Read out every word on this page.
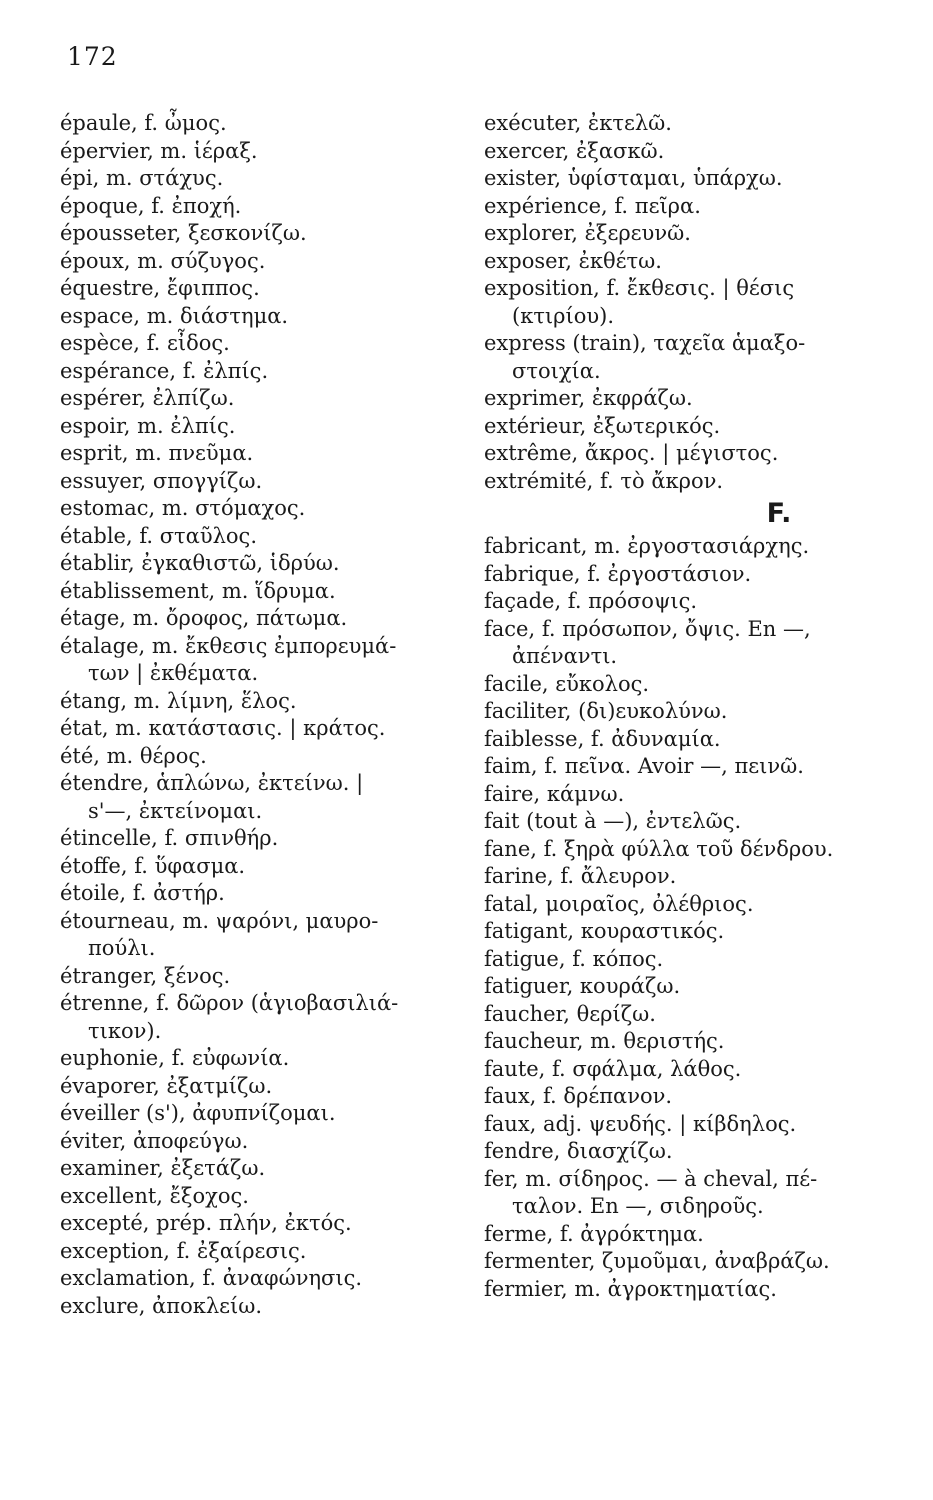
172
épaule, f. ὦμος.
épervier, m. ἱέραξ.
épi, m. στάχυς.
époque, f. ἐποχή.
épousseter, ξεσκονίζω.
époux, m. σύζυγος.
équestre, ἔφιππος.
espace, m. διάστημα.
espèce, f. εἶδος.
espérance, f. ἐλπίς.
espérer, ἐλπίζω.
espoir, m. ἐλπίς.
esprit, m. πνεῦμα.
essuyer, σπογγίζω.
estomac, m. στόμαχος.
étable, f. σταῦλος.
établir, ἐγκαθιστῶ, ἱδρύω.
établissement, m. ἵδρυμα.
étage, m. ὄροφος, πάτωμα.
étalage, m. ἔκθεσις ἐμπορευμά-
των | ἐκθέματα.
étang, m. λίμνη, ἕλος.
état, m. κατάστασις. | κράτος.
été, m. θέρος.
étendre, ἁπλώνω, ἐκτείνω. |
s'—, ἐκτείνομαι.
étincelle, f. σπινθήρ.
étoffe, f. ὕφασμα.
étoile, f. ἀστήρ.
étourneau, m. ψαρόνι, μαυρο-
πούλι.
étranger, ξένος.
étrenne, f. δῶρον (ἁγιοβασιλιά-
τικον).
euphonie, f. εὐφωνία.
évaporer, ἐξατμίζω.
éveiller (s'), ἀφυπνίζομαι.
éviter, ἀποφεύγω.
examiner, ἐξετάζω.
excellent, ἔξοχος.
excepté, prép. πλήν, ἐκτός.
exception, f. ἐξαίρεσις.
exclamation, f. ἀναφώνησις.
exclure, ἀποκλείω.
exécuter, ἐκτελῶ.
exercer, ἐξασκῶ.
exister, ὑφίσταμαι, ὑπάρχω.
expérience, f. πεῖρα.
explorer, ἐξερευνῶ.
exposer, ἐκθέτω.
exposition, f. ἔκθεσις. | θέσις
(κτιρίου).
express (train), ταχεῖα ἁμαξο-
στοιχία.
exprimer, ἐκφράζω.
extérieur, ἐξωτερικός.
extrême, ἄκρος. | μέγιστος.
extrémité, f. τὸ ἄκρον.
F.
fabricant, m. ἐργοστασιάρχης.
fabrique, f. ἐργοστάσιον.
façade, f. πρόσοψις.
face, f. πρόσωπον, ὄψις. En —,
ἀπέναντι.
facile, εὔκολος.
faciliter, (δι)ευκολύνω.
faiblesse, f. ἀδυναμία.
faim, f. πεῖνα. Avoir —, πεινῶ.
faire, κάμνω.
fait (tout à —), ἐντελῶς.
fane, f. ξηρὰ φύλλα τοῦ δένδρου.
farine, f. ἄλευρον.
fatal, μοιραῖος, ὀλέθριος.
fatigant, κουραστικός.
fatigue, f. κόπος.
fatiguer, κουράζω.
faucher, θερίζω.
faucheur, m. θεριστής.
faute, f. σφάλμα, λάθος.
faux, f. δρέπανον.
faux, adj. ψευδής. | κίβδηλος.
fendre, διασχίζω.
fer, m. σίδηρος. — à cheval, πέ-
ταλον. En —, σιδηροῦς.
ferme, f. ἀγρόκτημα.
fermenter, ζυμοῦμαι, ἀναβράζω.
fermier, m. ἀγροκτηματίας.
